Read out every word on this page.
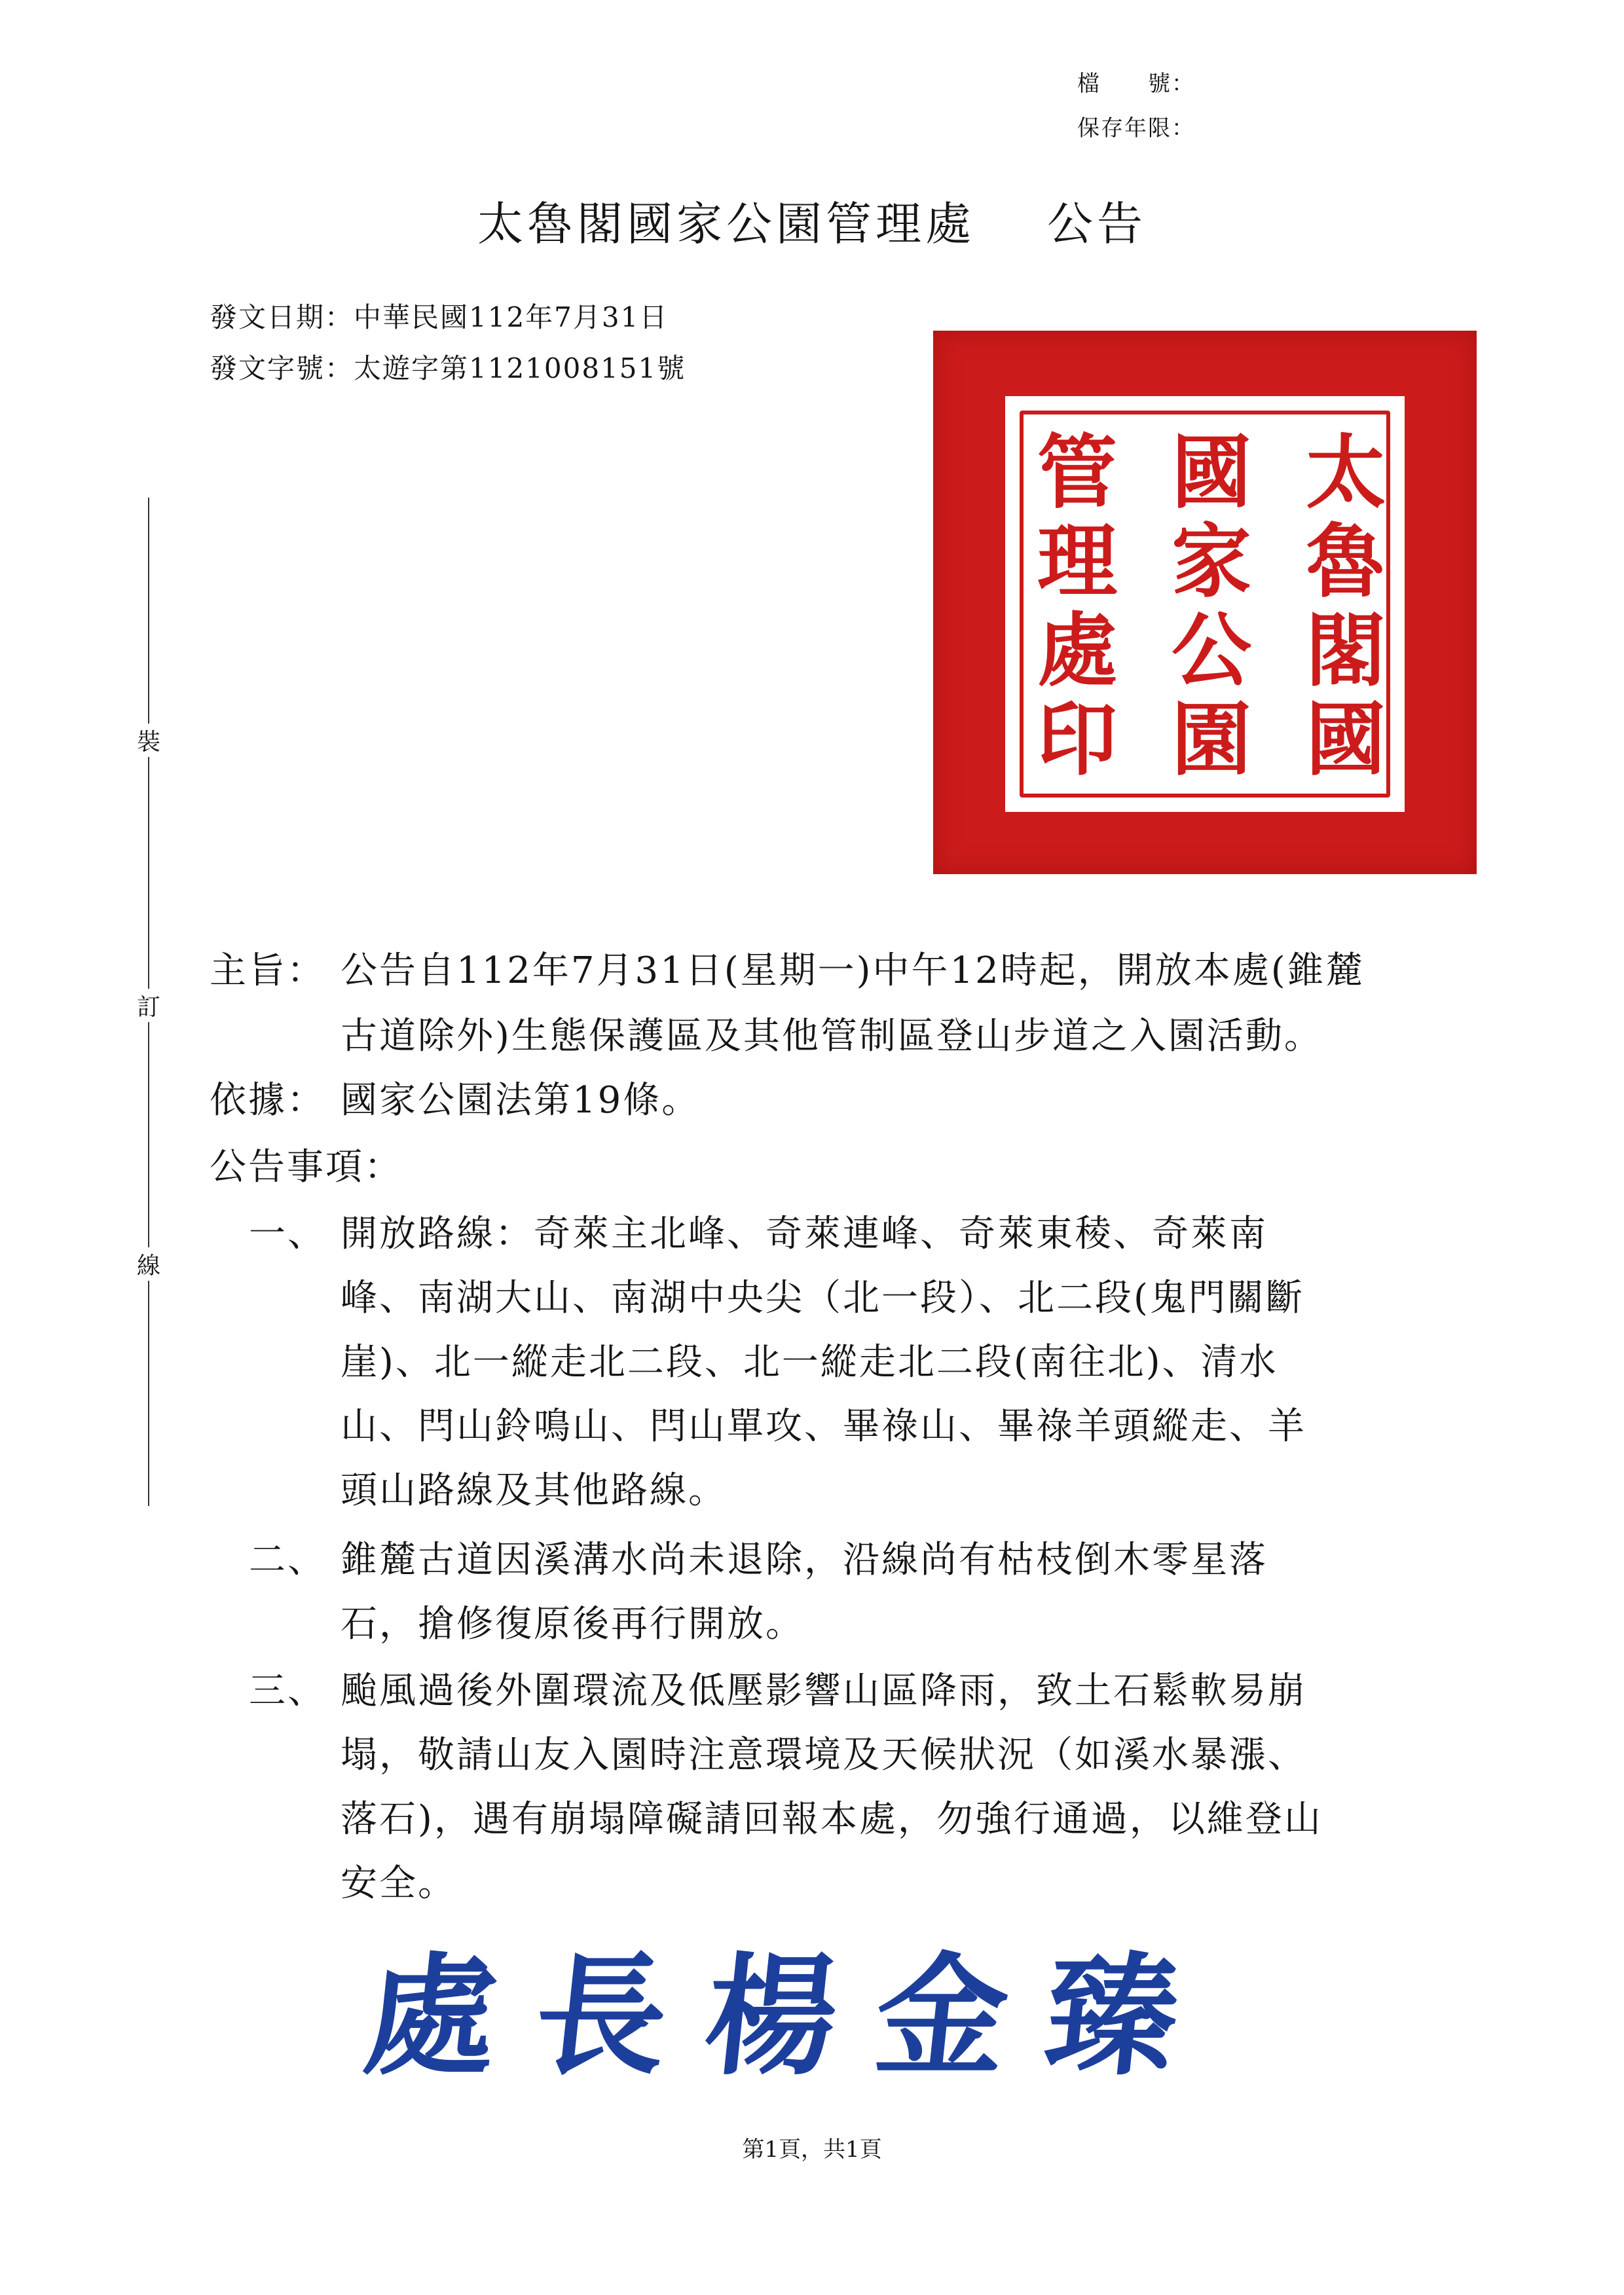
檔　　號：
保存年限：
太魯閣國家公園管理處 公告
發文日期：中華民國112年7月31日
發文字號：太遊字第1121008151號
裝
訂
線
太
魯
閣
國
國
家
公
園
管
理
處
印
主旨： 公告自112年7月31日(星期一)中午12時起，開放本處(錐麓
古道除外)生態保護區及其他管制區登山步道之入園活動。
依據： 國家公園法第19條。
公告事項：
一、 開放路線：奇萊主北峰、奇萊連峰、奇萊東稜、奇萊南
峰、南湖大山、南湖中央尖（北一段）、北二段(鬼門關斷
崖)、北一縱走北二段、北一縱走北二段(南往北)、清水
山、閂山鈴鳴山、閂山單攻、畢祿山、畢祿羊頭縱走、羊
頭山路線及其他路線。
二、 錐麓古道因溪溝水尚未退除，沿線尚有枯枝倒木零星落
石，搶修復原後再行開放。
三、 颱風過後外圍環流及低壓影響山區降雨，致土石鬆軟易崩
塌，敬請山友入園時注意環境及天候狀況（如溪水暴漲、
落石)，遇有崩塌障礙請回報本處，勿強行通過，以維登山
安全。
處長楊金臻
第1頁，共1頁
